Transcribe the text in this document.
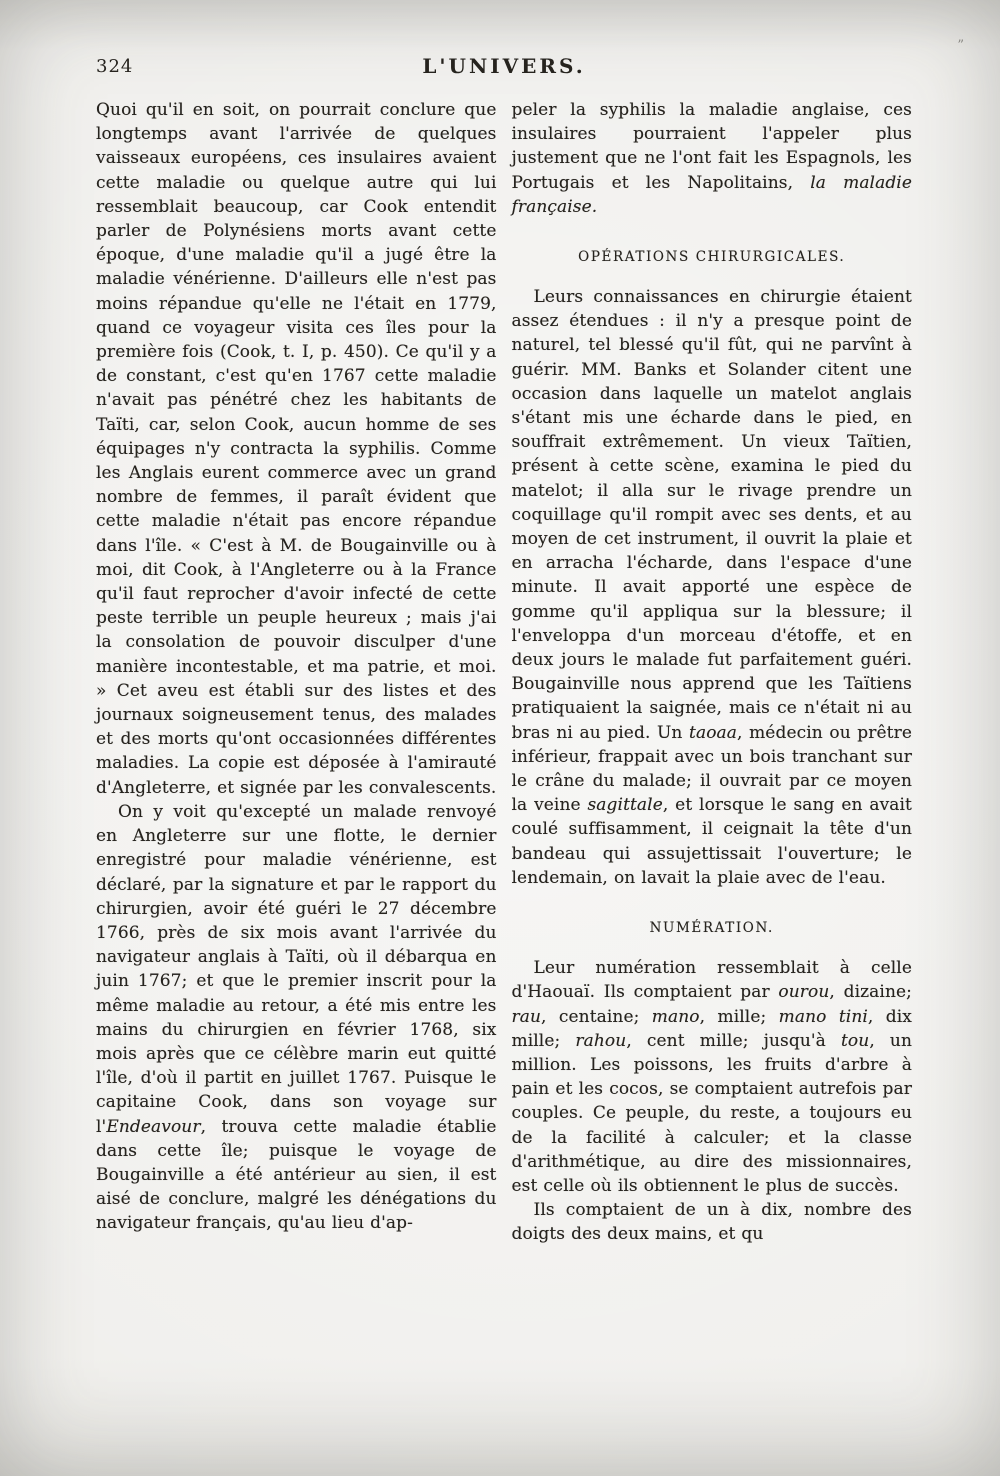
324	L'UNIVERS.
”

Quoi qu'il en soit, on pourrait conclure que longtemps avant l'arrivée de quelques vaisseaux européens, ces insulaires avaient cette maladie ou quelque autre qui lui ressemblait beaucoup, car Cook entendit parler de Polynésiens morts avant cette époque, d'une maladie qu'il a jugé être la maladie vénérienne. D'ailleurs elle n'est pas moins répandue qu'elle ne l'était en 1779, quand ce voyageur visita ces îles pour la première fois (Cook, t. I, p. 450). Ce qu'il y a de constant, c'est qu'en 1767 cette maladie n'avait pas pénétré chez les habitants de Taïti, car, selon Cook, aucun homme de ses équipages n'y contracta la syphilis. Comme les Anglais eurent commerce avec un grand nombre de femmes, il paraît évident que cette maladie n'était pas encore répandue dans l'île. « C'est à M. de Bougainville ou à moi, dit Cook, à l'Angleterre ou à la France qu'il faut reprocher d'avoir infecté de cette peste terrible un peuple heureux ; mais j'ai la consolation de pouvoir disculper d'une manière incontestable, et ma patrie, et moi. » Cet aveu est établi sur des listes et des journaux soigneusement tenus, des malades et des morts qu'ont occasionnées différentes maladies. La copie est déposée à l'amirauté d'Angleterre, et signée par les convalescents.

On y voit qu'excepté un malade renvoyé en Angleterre sur une flotte, le dernier enregistré pour maladie vénérienne, est déclaré, par la signature et par le rapport du chirurgien, avoir été guéri le 27 décembre 1766, près de six mois avant l'arrivée du navigateur anglais à Taïti, où il débarqua en juin 1767; et que le premier inscrit pour la même maladie au retour, a été mis entre les mains du chirurgien en février 1768, six mois après que ce célèbre marin eut quitté l'île, d'où il partit en juillet 1767. Puisque le capitaine Cook, dans son voyage sur l'Endeavour, trouva cette maladie établie dans cette île; puisque le voyage de Bougainville a été antérieur au sien, il est aisé de conclure, malgré les dénégations du navigateur français, qu'au lieu d'ap-

peler la syphilis la maladie anglaise, ces insulaires pourraient l'appeler plus justement que ne l'ont fait les Espagnols, les Portugais et les Napolitains, la maladie française.

OPÉRATIONS CHIRURGICALES.

Leurs connaissances en chirurgie étaient assez étendues : il n'y a presque point de naturel, tel blessé qu'il fût, qui ne parvînt à guérir. MM. Banks et Solander citent une occasion dans laquelle un matelot anglais s'étant mis une écharde dans le pied, en souffrait extrêmement. Un vieux Taïtien, présent à cette scène, examina le pied du matelot; il alla sur le rivage prendre un coquillage qu'il rompit avec ses dents, et au moyen de cet instrument, il ouvrit la plaie et en arracha l'écharde, dans l'espace d'une minute. Il avait apporté une espèce de gomme qu'il appliqua sur la blessure; il l'enveloppa d'un morceau d'étoffe, et en deux jours le malade fut parfaitement guéri. Bougainville nous apprend que les Taïtiens pratiquaient la saignée, mais ce n'était ni au bras ni au pied. Un taoaa, médecin ou prêtre inférieur, frappait avec un bois tranchant sur le crâne du malade; il ouvrait par ce moyen la veine sagittale, et lorsque le sang en avait coulé suffisamment, il ceignait la tête d'un bandeau qui assujettissait l'ouverture; le lendemain, on lavait la plaie avec de l'eau.

NUMÉRATION.

Leur numération ressemblait à celle d'Haouaï. Ils comptaient par ourou, dizaine; rau, centaine; mano, mille; mano tini, dix mille; rahou, cent mille; jusqu'à tou, un million. Les poissons, les fruits d'arbre à pain et les cocos, se comptaient autrefois par couples. Ce peuple, du reste, a toujours eu de la facilité à calculer; et la classe d'arithmétique, au dire des missionnaires, est celle où ils obtiennent le plus de succès.

Ils comptaient de un à dix, nombre des doigts des deux mains, et qu
